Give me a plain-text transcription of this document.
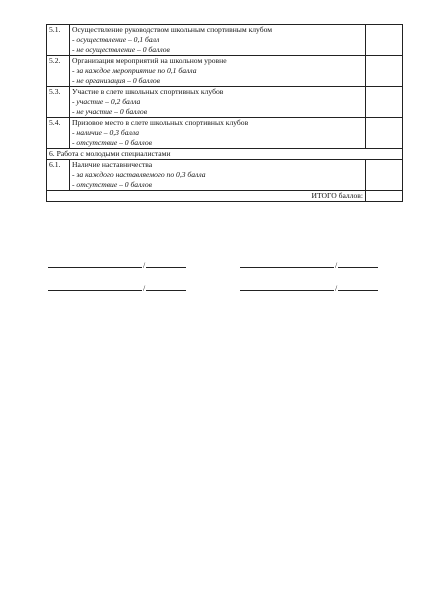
5.1.	Осуществление руководством школьным спортивным клубом
- осуществление – 0,1 балл
- не осуществление – 0 баллов	

5.2.	Организация мероприятий на школьном уровне
- за каждое мероприятие по 0,1 балла
- не организация – 0 баллов	

5.3.	Участие в слете школьных спортивных клубов
- участие – 0,2 балла
- не участие – 0 баллов	

5.4.	Призовое место в слете школьных спортивных клубов
- наличие – 0,3 балла
- отсутствие – 0 баллов	

6. Работа с молодыми специалистами		
6.1.	Наличие наставничества
- за каждого наставляемого по 0,3 балла
- отсутствие – 0 баллов	

ИТОГО баллов:		
/	/
/	/
